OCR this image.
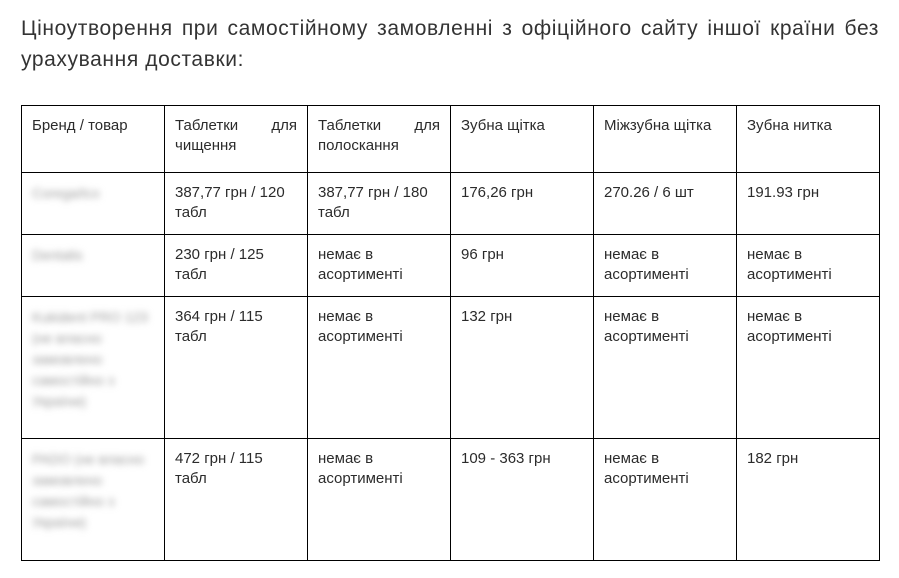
Ціноутворення при самостійному замовленні з офіційного сайту іншої країни без урахування доставки:

Бренд / товар	Таблетки для чищення	Таблетки для полоскання	Зубна щітка	Міжзубна щітка	Зубна нитка
Corega/tcx	387,77 грн / 120 табл	387,77 грн / 180 табл	176,26 грн	270.26 / 6 шт	191.93 грн
Dentalis	230 грн / 125 табл	немає в асортименті	96 грн	немає в асортименті	немає в асортименті
Kukident PRO 123 (не власно замовлено самостійно з України)	364 грн / 115 табл	немає в асортименті	132 грн	немає в асортименті	немає в асортименті
PADO (не власно замовлено самостійно з України)	472 грн / 115 табл	немає в асортименті	109 - 363 грн	немає в асортименті	182 грн
